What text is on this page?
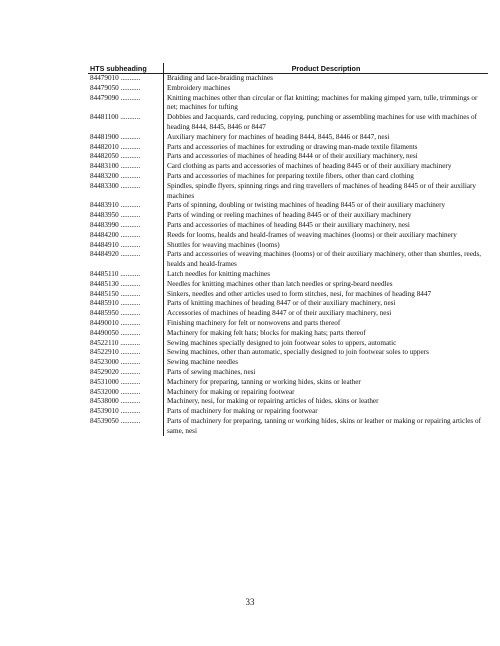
HTS subheading	Product Description
84479010 ...........	Braiding and lace-braiding machines
84479050 ...........	Embroidery machines
84479090 ...........	Knitting machines other than circular or flat knitting; machines for making gimped yarn, tulle, trimmings or net; machines for tufting
84481100 ...........	Dobbies and Jacquards, card reducing, copying, punching or assembling machines for use with machines of heading 8444, 8445, 8446 or 8447
84481900 ...........	Auxiliary machinery for machines of heading 8444, 8445, 8446 or 8447, nesi
84482010 ...........	Parts and accessories of machines for extruding or drawing man-made textile filaments
84482050 ...........	Parts and accessories of machines of heading 8444 or of their auxiliary machinery, nesi
84483100 ...........	Card clothing as parts and accessories of machines of heading 8445 or of their auxiliary machinery
84483200 ...........	Parts and accessories of machines for preparing textile fibers, other than card clothing
84483300 ...........	Spindles, spindle flyers, spinning rings and ring travellers of machines of heading 8445 or of their auxiliary machines
84483910 ...........	Parts of spinning, doubling or twisting machines of heading 8445 or of their auxiliary machinery
84483950 ...........	Parts of winding or reeling machines of heading 8445 or of their auxiliary machinery
84483990 ...........	Parts and accessories of machines of heading 8445 or their auxiliary machinery, nesi
84484200 ...........	Reeds for looms, healds and heald-frames of weaving machines (looms) or their auxiliary machinery
84484910 ...........	Shuttles for weaving machines (looms)
84484920 ...........	Parts and accessories of weaving machines (looms) or of their auxiliary machinery, other than shuttles, reeds, healds and heald-frames
84485110 ...........	Latch needles for knitting machines
84485130 ...........	Needles for knitting machines other than latch needles or spring-beard needles
84485150 ...........	Sinkers, needles and other articles used to form stitches, nesi, for machines of heading 8447
84485910 ...........	Parts of knitting machines of heading 8447 or of their auxiliary machinery, nesi
84485950 ...........	Accessories of machines of heading 8447 or of their auxiliary machinery, nesi
84490010 ...........	Finishing machinery for felt or nonwovens and parts thereof
84490050 ...........	Machinery for making felt hats; blocks for making hats; parts thereof
84522110 ...........	Sewing machines specially designed to join footwear soles to uppers, automatic
84522910 ...........	Sewing machines, other than automatic, specially designed to join footwear soles to uppers
84523000 ...........	Sewing machine needles
84529020 ...........	Parts of sewing machines, nesi
84531000 ...........	Machinery for preparing, tanning or working hides, skins or leather
84532000 ...........	Machinery for making or repairing footwear
84538000 ...........	Machinery, nesi, for making or repairing articles of hides, skins or leather
84539010 ...........	Parts of machinery for making or repairing footwear
84539050 ...........	Parts of machinery for preparing, tanning or working hides, skins or leather or making or repairing articles of same, nesi
33
